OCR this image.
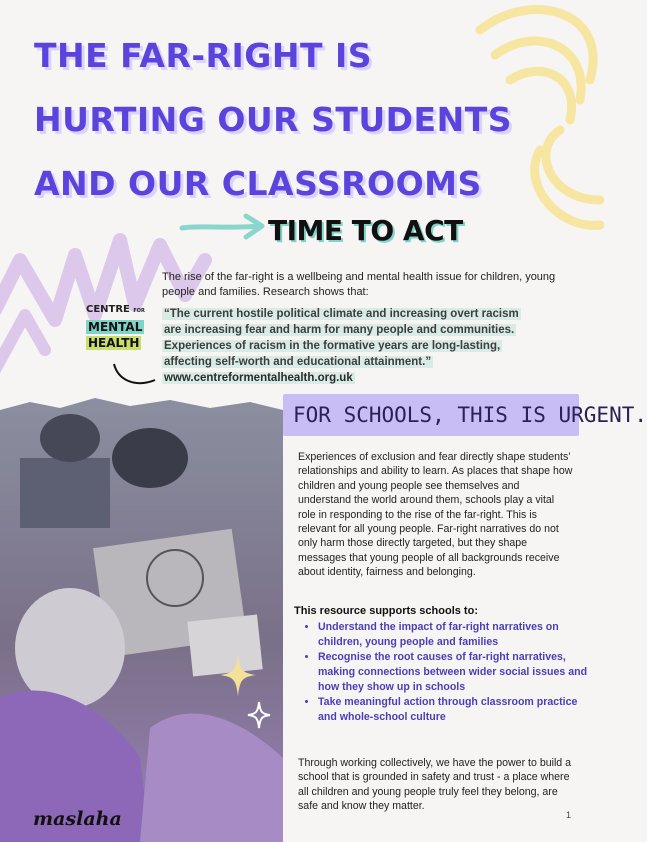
THE FAR-RIGHT IS
HURTING OUR STUDENTS
AND OUR CLASSROOMS
TIME TO ACT
The rise of the far-right is a wellbeing and mental health issue for children, young people and families. Research shows that:
CENTRE FOR
MENTAL
HEALTH
“The current hostile political climate and increasing overt racism
are increasing fear and harm for many people and communities.
Experiences of racism in the formative years are long-lasting,
affecting self-worth and educational attainment.”
www.centreformentalhealth.org.uk
FOR SCHOOLS, THIS IS URGENT.
Experiences of exclusion and fear directly shape students’ relationships and ability to learn. As places that shape how children and young people see themselves and understand the world around them, schools play a vital role in responding to the rise of the far-right. This is relevant for all young people. Far-right narratives do not only harm those directly targeted, but they shape messages that young people of all backgrounds receive about identity, fairness and belonging.
This resource supports schools to:
• Understand the impact of far-right narratives on children, young people and families
• Recognise the root causes of far-right narratives, making connections between wider social issues and how they show up in schools
• Take meaningful action through classroom practice and whole-school culture
Through working collectively, we have the power to build a school that is grounded in safety and trust - a place where all children and young people truly feel they belong, are safe and know they matter.
maslaha	1
